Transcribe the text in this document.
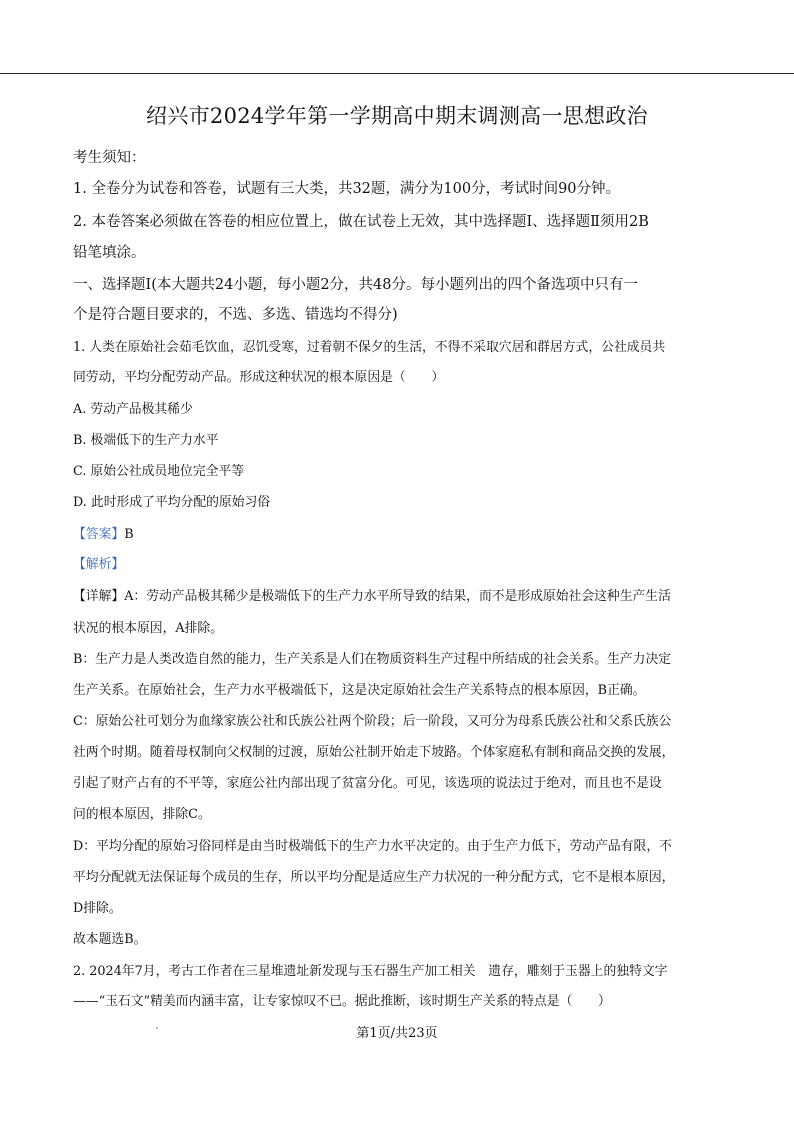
绍兴市2024学年第一学期高中期末调测高一思想政治
考生须知：
1. 全卷分为试卷和答卷，试题有三大类，共32题，满分为100分，考试时间90分钟。
2. 本卷答案必须做在答卷的相应位置上，做在试卷上无效，其中选择题Ⅰ、选择题Ⅱ须用2B
铅笔填涂。
一、选择题Ⅰ(本大题共24小题，每小题2分，共48分。每小题列出的四个备选项中只有一
个是符合题目要求的，不选、多选、错选均不得分)
1. 人类在原始社会茹毛饮血，忍饥受寒，过着朝不保夕的生活，不得不采取穴居和群居方式，公社成员共
同劳动，平均分配劳动产品。形成这种状况的根本原因是（　　）
A. 劳动产品极其稀少
B. 极端低下的生产力水平
C. 原始公社成员地位完全平等
D. 此时形成了平均分配的原始习俗
【答案】B
【解析】
【详解】A：劳动产品极其稀少是极端低下的生产力水平所导致的结果，而不是形成原始社会这种生产生活
状况的根本原因，A排除。
B：生产力是人类改造自然的能力，生产关系是人们在物质资料生产过程中所结成的社会关系。生产力决定
生产关系。在原始社会，生产力水平极端低下，这是决定原始社会生产关系特点的根本原因，B正确。
C：原始公社可划分为血缘家族公社和氏族公社两个阶段；后一阶段，又可分为母系氏族公社和父系氏族公
社两个时期。随着母权制向父权制的过渡，原始公社制开始走下坡路。个体家庭私有制和商品交换的发展，
引起了财产占有的不平等，家庭公社内部出现了贫富分化。可见，该选项的说法过于绝对，而且也不是设
问的根本原因，排除C。
D：平均分配的原始习俗同样是由当时极端低下的生产力水平决定的。由于生产力低下，劳动产品有限，不
平均分配就无法保证每个成员的生存，所以平均分配是适应生产力状况的一种分配方式，它不是根本原因，
D排除。
故本题选B。
2. 2024年7月，考古工作者在三星堆遗址新发现与玉石器生产加工相关　遗存，雕刻于玉器上的独特文字
——“玉石文”精美而内涵丰富，让专家惊叹不已。据此推断，该时期生产关系的特点是（　　）
第1页/共23页
